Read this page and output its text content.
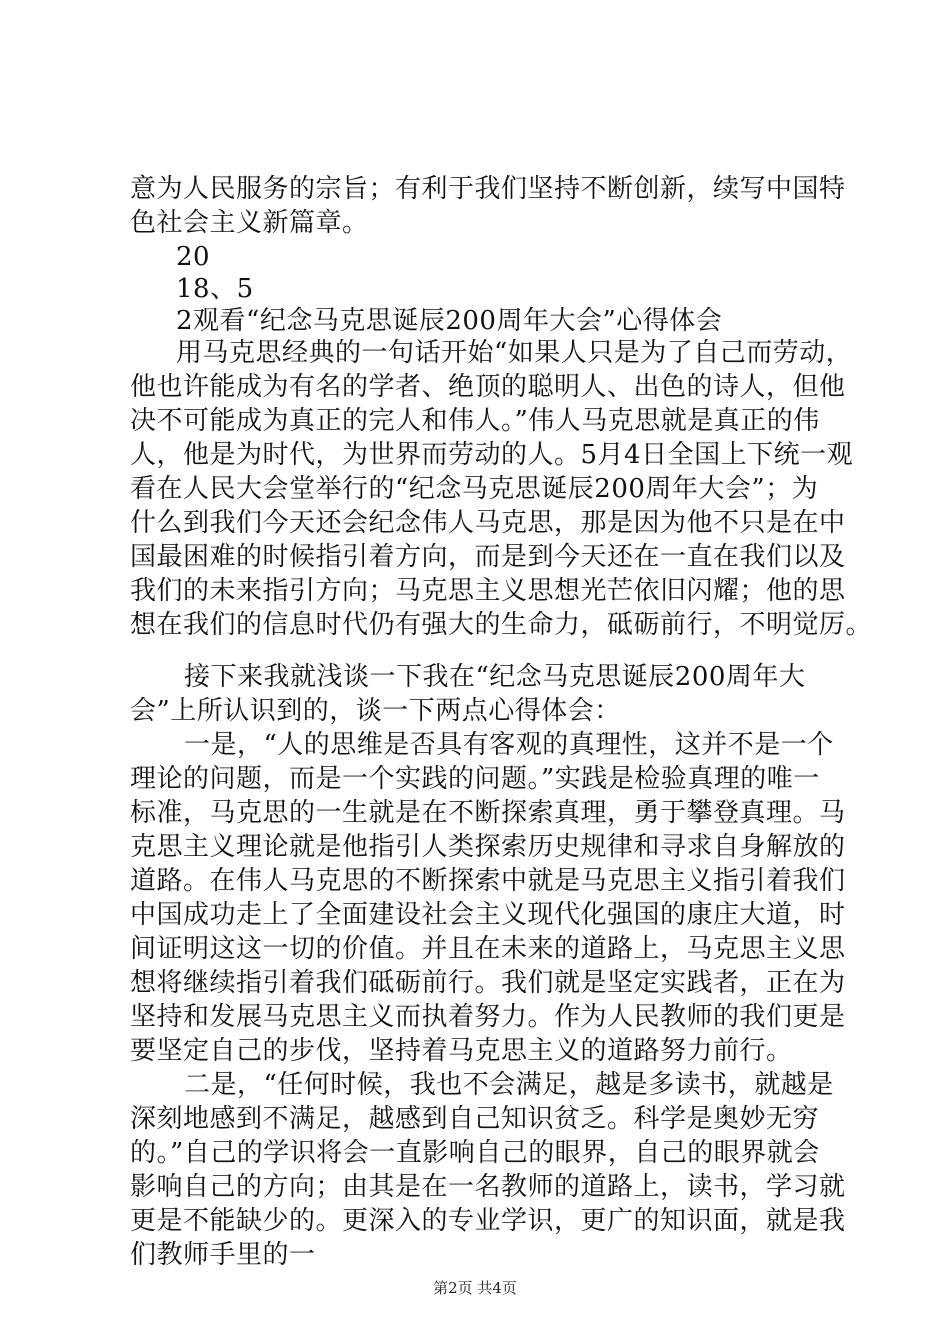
意为人民服务的宗旨；有利于我们坚持不断创新，续写中国特
色社会主义新篇章。
20
18、5
2观看“纪念马克思诞辰200周年大会”心得体会
用马克思经典的一句话开始“如果人只是为了自己而劳动，
他也许能成为有名的学者、绝顶的聪明人、出色的诗人，但他
决不可能成为真正的完人和伟人。”伟人马克思就是真正的伟
人，他是为时代，为世界而劳动的人。5月4日全国上下统一观
看在人民大会堂举行的“纪念马克思诞辰200周年大会”；为
什么到我们今天还会纪念伟人马克思，那是因为他不只是在中
国最困难的时候指引着方向，而是到今天还在一直在我们以及
我们的未来指引方向；马克思主义思想光芒依旧闪耀；他的思
想在我们的信息时代仍有强大的生命力，砥砺前行，不明觉厉。
接下来我就浅谈一下我在“纪念马克思诞辰200周年大
会”上所认识到的，谈一下两点心得体会：
一是，“人的思维是否具有客观的真理性，这并不是一个
理论的问题，而是一个实践的问题。”实践是检验真理的唯一
标准，马克思的一生就是在不断探索真理，勇于攀登真理。马
克思主义理论就是他指引人类探索历史规律和寻求自身解放的
道路。在伟人马克思的不断探索中就是马克思主义指引着我们
中国成功走上了全面建设社会主义现代化强国的康庄大道，时
间证明这这一切的价值。并且在未来的道路上，马克思主义思
想将继续指引着我们砥砺前行。我们就是坚定实践者，正在为
坚持和发展马克思主义而执着努力。作为人民教师的我们更是
要坚定自己的步伐，坚持着马克思主义的道路努力前行。
二是，“任何时候，我也不会满足，越是多读书，就越是
深刻地感到不满足，越感到自己知识贫乏。科学是奥妙无穷
的。”自己的学识将会一直影响自己的眼界，自己的眼界就会
影响自己的方向；由其是在一名教师的道路上，读书，学习就
更是不能缺少的。更深入的专业学识，更广的知识面，就是我
们教师手里的一
第2页 共4页
